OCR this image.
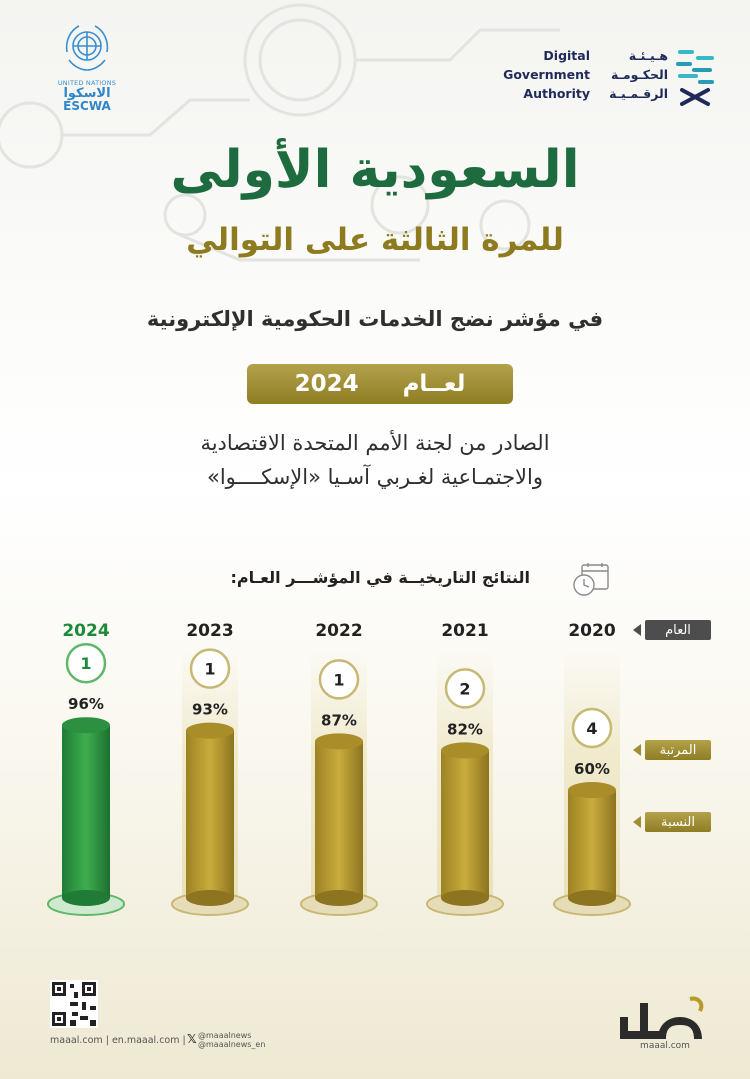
UNITED NATIONS
الاسكوا
ESCWA
Digital
Government
Authority
هـيـئـة
الحكـومـة
الرقـمـيـة
السعودية الأولى
للمرة الثالثة على التوالي
في مؤشر نضج الخدمات الحكومية الإلكترونية
2024 لعــام
الصادر من لجنة الأمم المتحدة الاقتصادية
والاجتمـاعية لغـربي آسـيا «الإسكــــوا»
النتائج التاريخيــة في المؤشـــر العـام:
60%
4
2020
82%
2
2021
87%
1
2022
93%
1
2023
96%
1
2024	العام
المرتبة
النسبة
maaal.com | en.maaal.com | 𝕏 @maaalnews
@maaalnews_en	maaal.com
